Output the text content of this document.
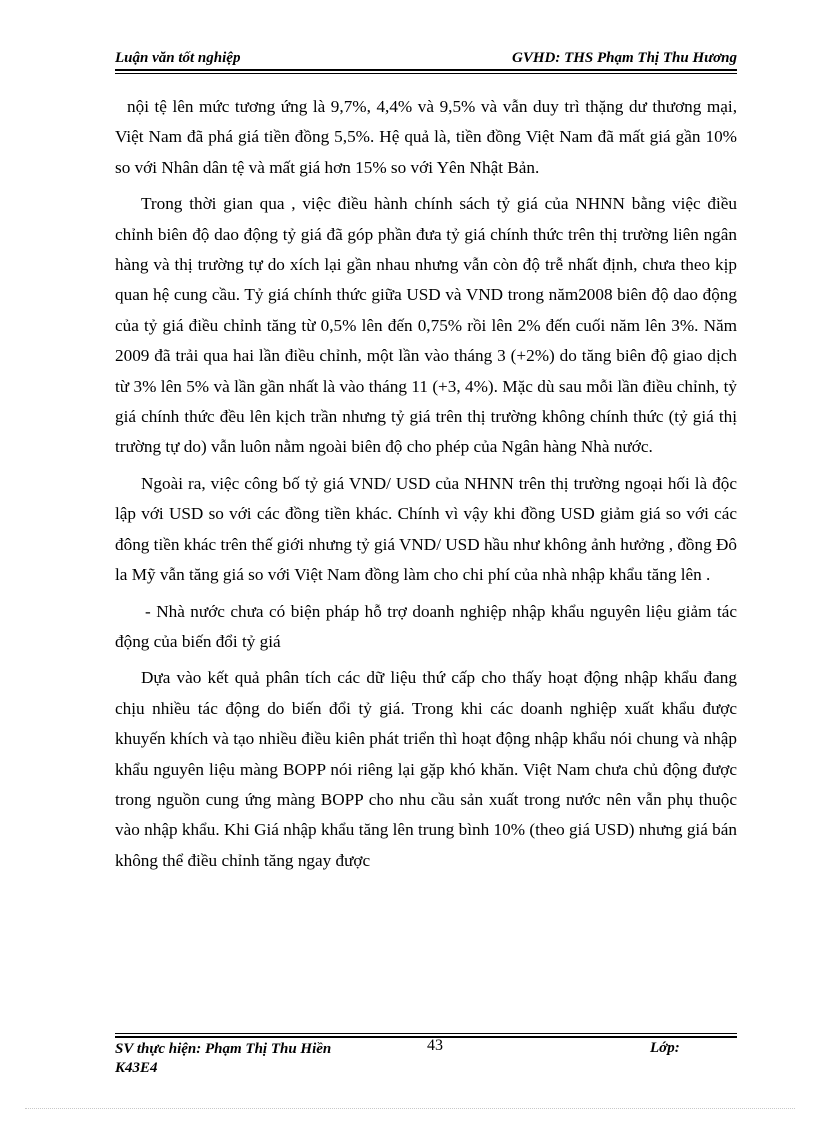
Luận văn tốt nghiệp	GVHD: THS Phạm Thị Thu Hương

nội tệ lên mức tương ứng là 9,7%, 4,4% và 9,5% và vẫn duy trì thặng dư thương mại, Việt Nam đã phá giá tiền đồng 5,5%. Hệ quả là, tiền đồng Việt Nam đã mất giá gần 10% so với Nhân dân tệ và mất giá hơn 15% so với Yên Nhật Bản.

Trong thời gian qua , việc điều hành chính sách tỷ giá của NHNN bằng việc điều chỉnh biên độ dao động tỷ giá đã góp phần đưa tỷ giá chính thức trên thị trường liên ngân hàng và thị trường tự do xích lại gần nhau nhưng vẫn còn độ trễ nhất định, chưa theo kịp quan hệ cung cầu. Tỷ giá chính thức giữa USD và VND trong năm2008 biên độ dao động của tỷ giá điều chỉnh tăng từ 0,5% lên đến 0,75% rồi lên 2% đến cuối năm lên 3%. Năm 2009 đã trải qua hai lần điều chỉnh, một lần vào tháng 3 (+2%) do tăng biên độ giao dịch từ 3% lên 5% và lần gần nhất là vào tháng 11 (+3, 4%). Mặc dù sau mỗi lần điều chỉnh, tỷ giá chính thức đều lên kịch trần nhưng tỷ giá trên thị trường không chính thức (tỷ giá thị trường tự do) vẫn luôn nằm ngoài biên độ cho phép của Ngân hàng Nhà nước.

Ngoài ra, việc công bố tỷ giá VND/ USD của NHNN trên thị trường ngoại hối là độc lập với USD so với các đồng tiền khác. Chính vì vậy khi đồng USD giảm giá so với các đông tiền khác trên thế giới nhưng tỷ giá VND/ USD hầu như không ảnh hưởng , đồng Đô la Mỹ vẫn tăng giá so với Việt Nam đồng làm cho chi phí của nhà nhập khẩu tăng lên .

- Nhà nước chưa có biện pháp hỗ trợ doanh nghiệp nhập khẩu nguyên liệu giảm tác động của biến đổi tỷ giá

Dựa vào kết quả phân tích các dữ liệu thứ cấp cho thấy hoạt động nhập khẩu đang chịu nhiều tác động do biến đổi tỷ giá. Trong khi các doanh nghiệp xuất khẩu được khuyến khích và tạo nhiều điều kiên phát triển thì hoạt động nhập khẩu nói chung và nhập khẩu nguyên liệu màng BOPP nói riêng lại gặp khó khăn. Việt Nam chưa chủ động được trong nguồn cung ứng màng BOPP cho nhu cầu sản xuất trong nước nên vẫn phụ thuộc vào nhập khẩu. Khi Giá nhập khẩu tăng lên trung bình 10% (theo giá USD) nhưng giá bán không thể điều chỉnh tăng ngay được

SV thực hiện: Phạm Thị Thu Hiền
K43E4
43	Lớp:
